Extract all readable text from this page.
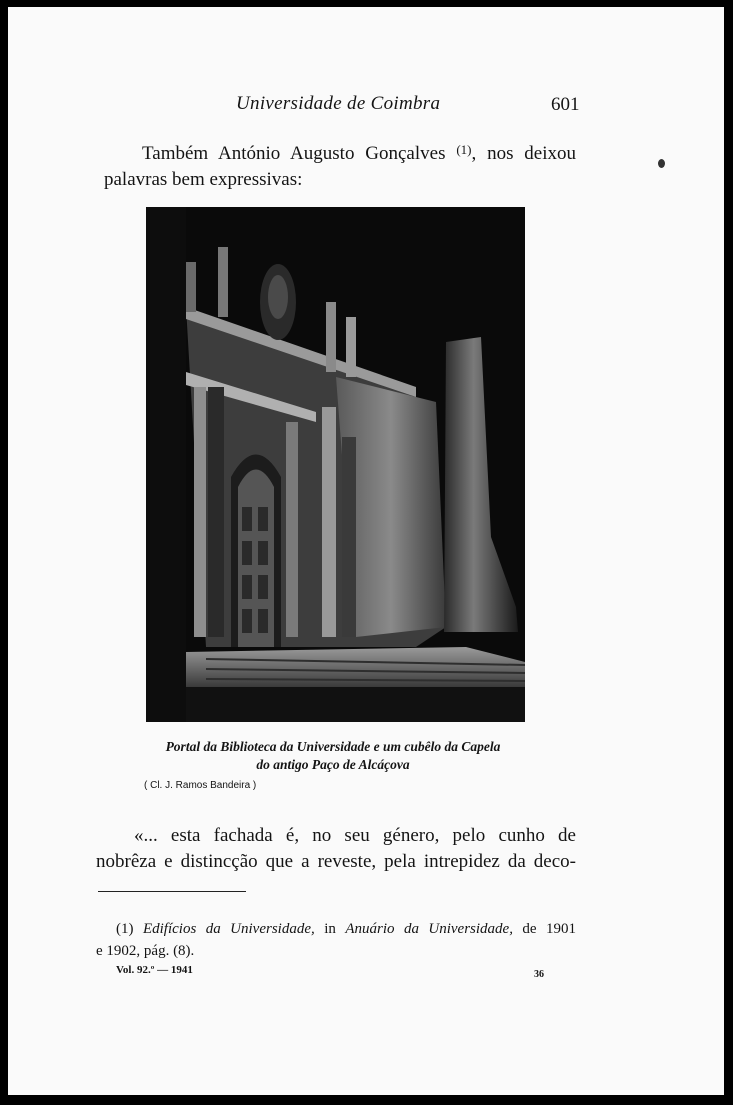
Universidade de Coimbra	601
Também António Augusto Gonçalves $^{(1)}$, nos deixou
palavras bem expressivas:
Portal da Biblioteca da Universidade e um cubêlo da Capela
do antigo Paço de Alcáçova
( Cl. J. Ramos Bandeira )
«... esta fachada é, no seu género, pelo cunho de
nobrêza e distincção que a reveste, pela intrepidez da deco-
(1) Edifícios da Universidade, in Anuário da Universidade, de 1901
e 1902, pág. (8).
Vol. 92.º — 1941	36
